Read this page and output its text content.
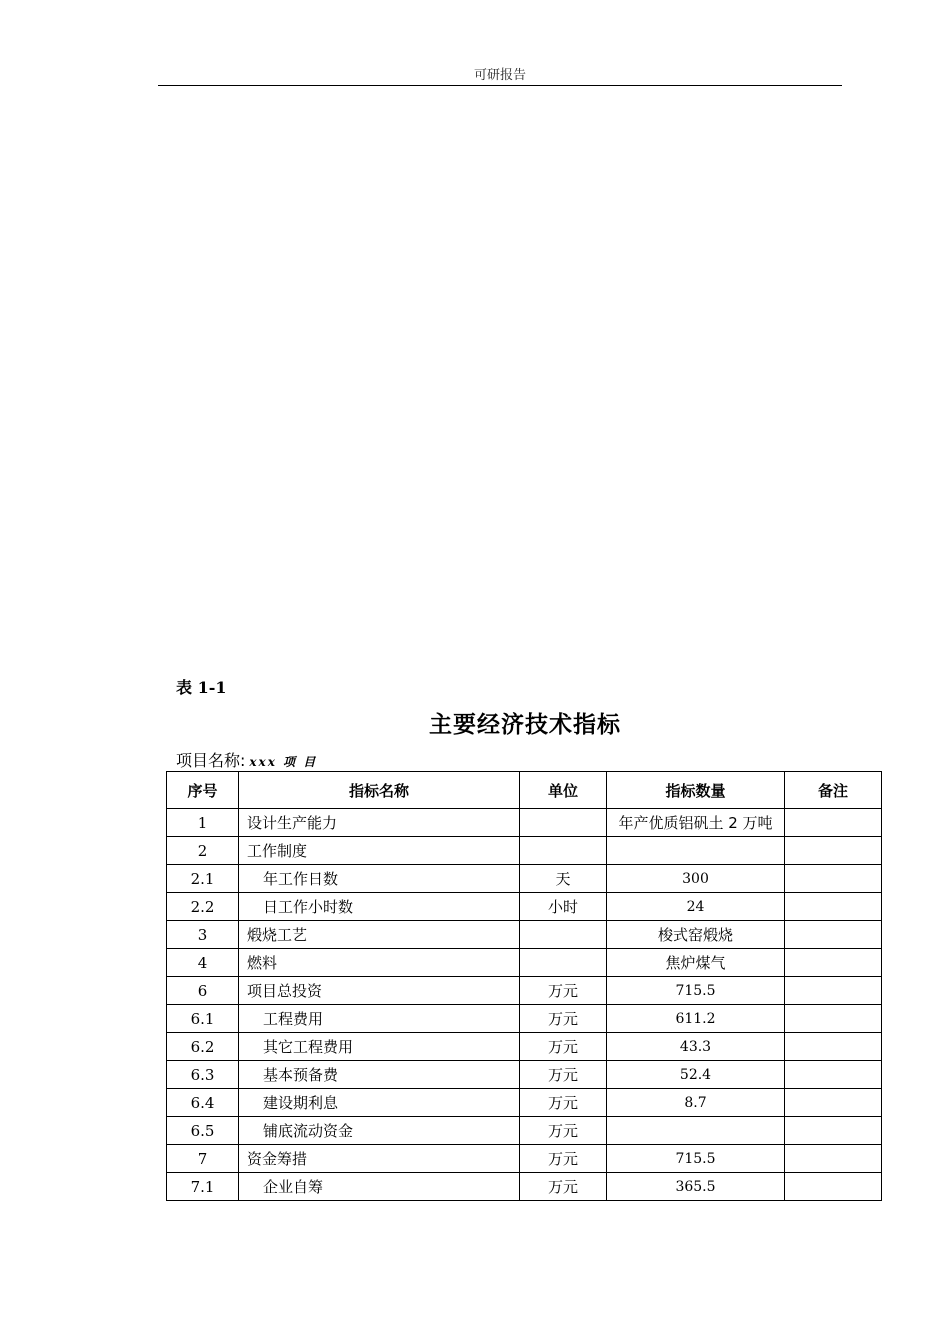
可研报告
表 1-1
主要经济技术指标
项目名称: xxx 项 目
序号	指标名称	单位	指标数量	备注
1	设计生产能力		年产优质铝矾土 2 万吨	
2	工作制度			
2.1	年工作日数	天	300	
2.2	日工作小时数	小时	24	
3	煅烧工艺		梭式窑煅烧	
4	燃料		焦炉煤气	
6	项目总投资	万元	715.5	
6.1	工程费用	万元	611.2	
6.2	其它工程费用	万元	43.3	
6.3	基本预备费	万元	52.4	
6.4	建设期利息	万元	8.7	
6.5	铺底流动资金	万元		
7	资金筹措	万元	715.5	
7.1	企业自筹	万元	365.5	
